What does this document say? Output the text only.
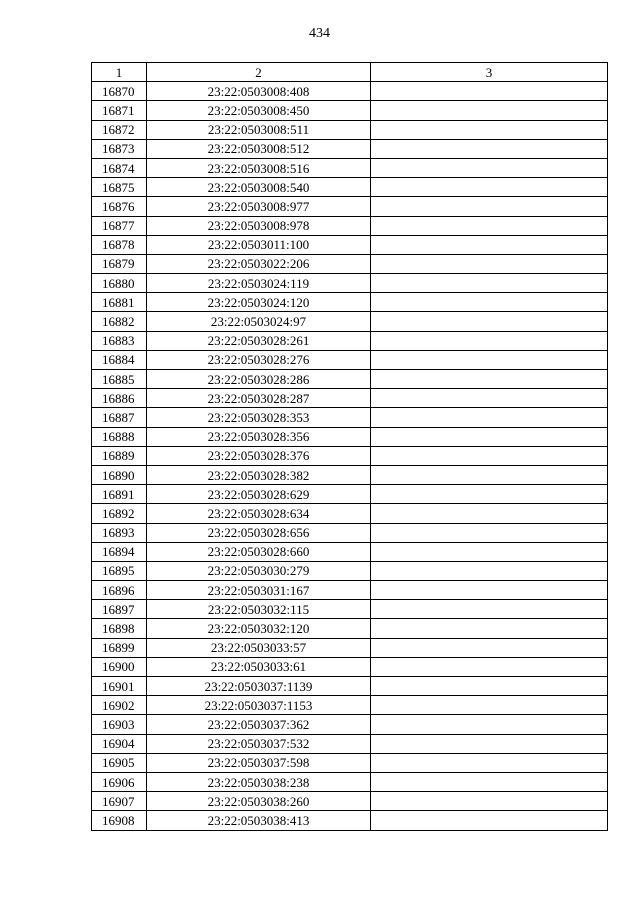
434
1	2	3
16870	23:22:0503008:408	
16871	23:22:0503008:450	
16872	23:22:0503008:511	
16873	23:22:0503008:512	
16874	23:22:0503008:516	
16875	23:22:0503008:540	
16876	23:22:0503008:977	
16877	23:22:0503008:978	
16878	23:22:0503011:100	
16879	23:22:0503022:206	
16880	23:22:0503024:119	
16881	23:22:0503024:120	
16882	23:22:0503024:97	
16883	23:22:0503028:261	
16884	23:22:0503028:276	
16885	23:22:0503028:286	
16886	23:22:0503028:287	
16887	23:22:0503028:353	
16888	23:22:0503028:356	
16889	23:22:0503028:376	
16890	23:22:0503028:382	
16891	23:22:0503028:629	
16892	23:22:0503028:634	
16893	23:22:0503028:656	
16894	23:22:0503028:660	
16895	23:22:0503030:279	
16896	23:22:0503031:167	
16897	23:22:0503032:115	
16898	23:22:0503032:120	
16899	23:22:0503033:57	
16900	23:22:0503033:61	
16901	23:22:0503037:1139	
16902	23:22:0503037:1153	
16903	23:22:0503037:362	
16904	23:22:0503037:532	
16905	23:22:0503037:598	
16906	23:22:0503038:238	
16907	23:22:0503038:260	
16908	23:22:0503038:413	
